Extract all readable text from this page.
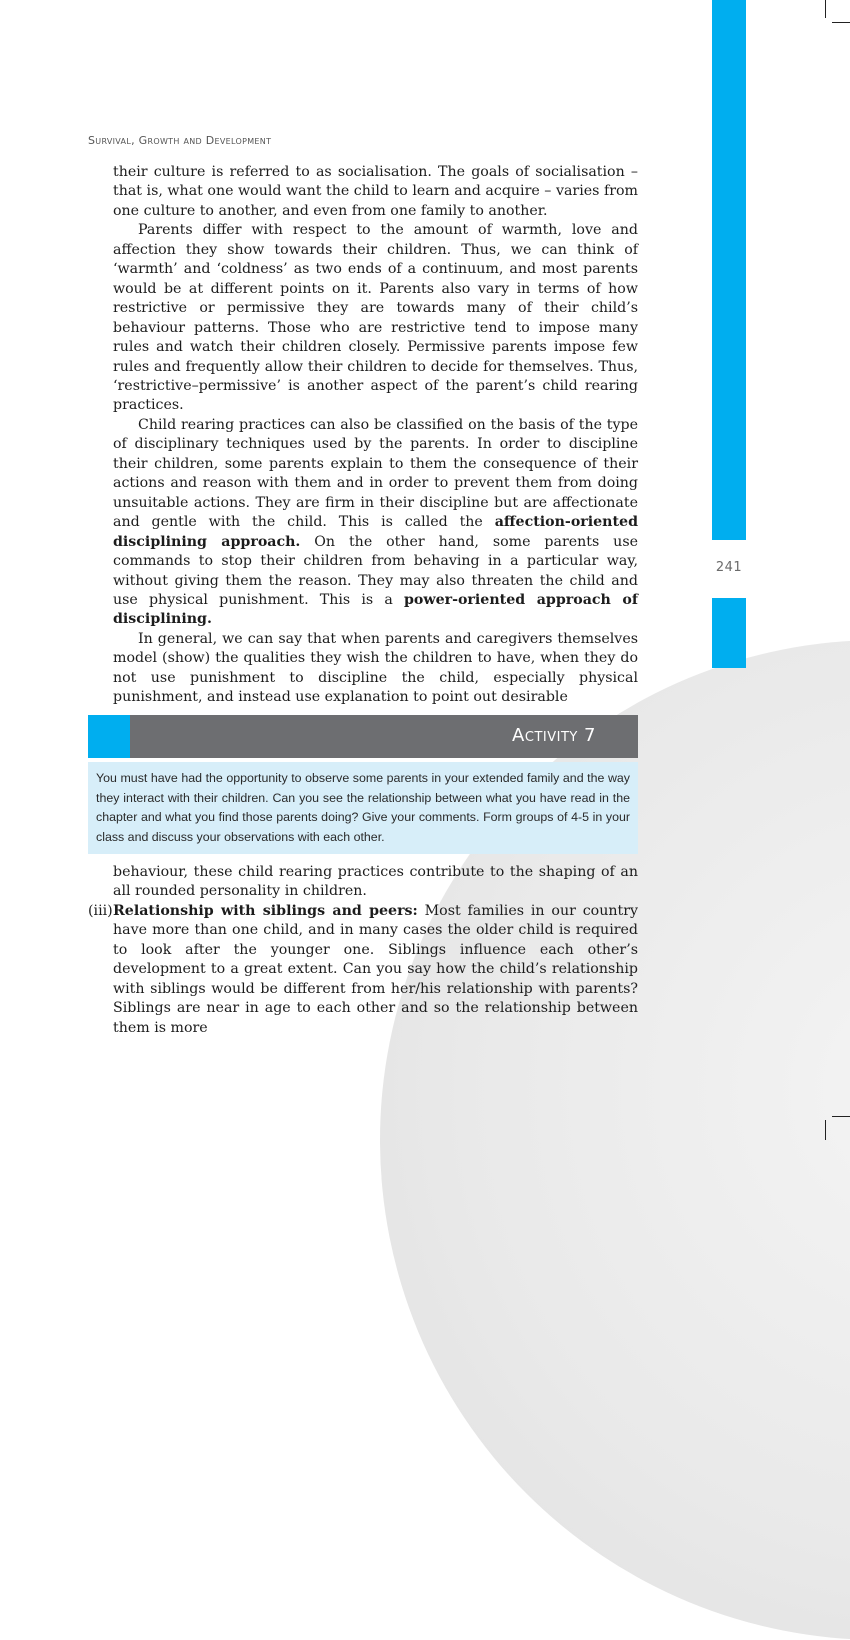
241
Survival, Growth and Development

their culture is referred to as socialisation. The goals of socialisation – that is, what one would want the child to learn and acquire – varies from one culture to another, and even from one family to another.

Parents differ with respect to the amount of warmth, love and affection they show towards their children. Thus, we can think of ‘warmth’ and ‘coldness’ as two ends of a continuum, and most parents would be at different points on it. Parents also vary in terms of how restrictive or permissive they are towards many of their child’s behaviour patterns. Those who are restrictive tend to impose many rules and watch their children closely. Permissive parents impose few rules and frequently allow their children to decide for themselves. Thus, ‘restrictive–permissive’ is another aspect of the parent’s child rearing practices.

Child rearing practices can also be classified on the basis of the type of disciplinary techniques used by the parents. In order to discipline their children, some parents explain to them the consequence of their actions and reason with them and in order to prevent them from doing unsuitable actions. They are firm in their discipline but are affectionate and gentle with the child. This is called the affection-oriented disciplining approach. On the other hand, some parents use commands to stop their children from behaving in a particular way, without giving them the reason. They may also threaten the child and use physical punishment. This is a power-oriented approach of disciplining.

In general, we can say that when parents and caregivers themselves model (show) the qualities they wish the children to have, when they do not use punishment to discipline the child, especially physical punishment, and instead use explanation to point out desirable

Activity 7

You must have had the opportunity to observe some parents in your extended family and the way they interact with their children. Can you see the relationship between what you have read in the chapter and what you find those parents doing? Give your comments. Form groups of 4-5 in your class and discuss your observations with each other.

behaviour, these child rearing practices contribute to the shaping of an all rounded personality in children.

(iii) Relationship with siblings and peers: Most families in our country have more than one child, and in many cases the older child is required to look after the younger one. Siblings influence each other’s development to a great extent. Can you say how the child’s relationship with siblings would be different from her/his relationship with parents? Siblings are near in age to each other and so the relationship between them is more
